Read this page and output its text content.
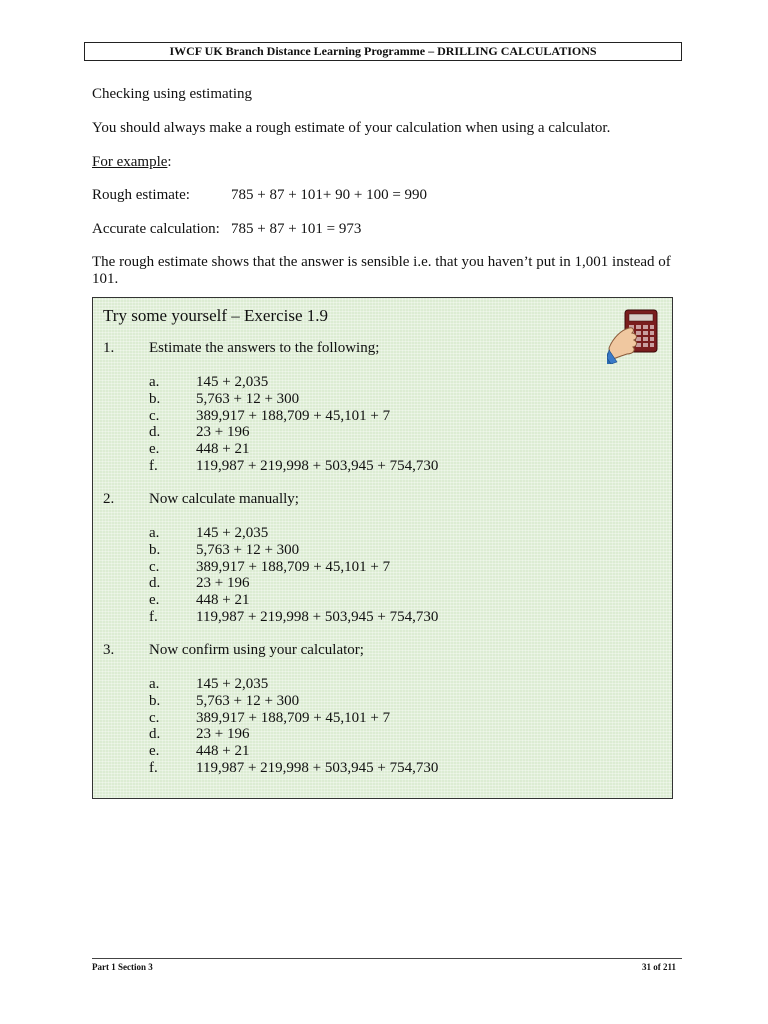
IWCF UK Branch Distance Learning Programme – DRILLING CALCULATIONS
Checking using estimating
You should always make a rough estimate of your calculation when using a calculator.
For example:
Rough estimate:	785 + 87 + 101+ 90 + 100 = 990
Accurate calculation: 785 + 87 + 101 = 973
The rough estimate shows that the answer is sensible i.e. that you haven’t put in 1,001 instead of 101.
Try some yourself – Exercise 1.9
1. Estimate the answers to the following;
a.	145 + 2,035
b.	5,763 + 12 + 300
c.	389,917 + 188,709 + 45,101 + 7
d.	23 + 196
e.	448 + 21
f.	119,987 + 219,998 + 503,945 + 754,730
2. Now calculate manually;
a.	145 + 2,035
b.	5,763 + 12 + 300
c.	389,917 + 188,709 + 45,101 + 7
d.	23 + 196
e.	448 + 21
f.	119,987 + 219,998 + 503,945 + 754,730
3. Now confirm using your calculator;
a.	145 + 2,035
b.	5,763 + 12 + 300
c.	389,917 + 188,709 + 45,101 + 7
d.	23 + 196
e.	448 + 21
f.	119,987 + 219,998 + 503,945 + 754,730
Part 1 Section 3	31 of 211
